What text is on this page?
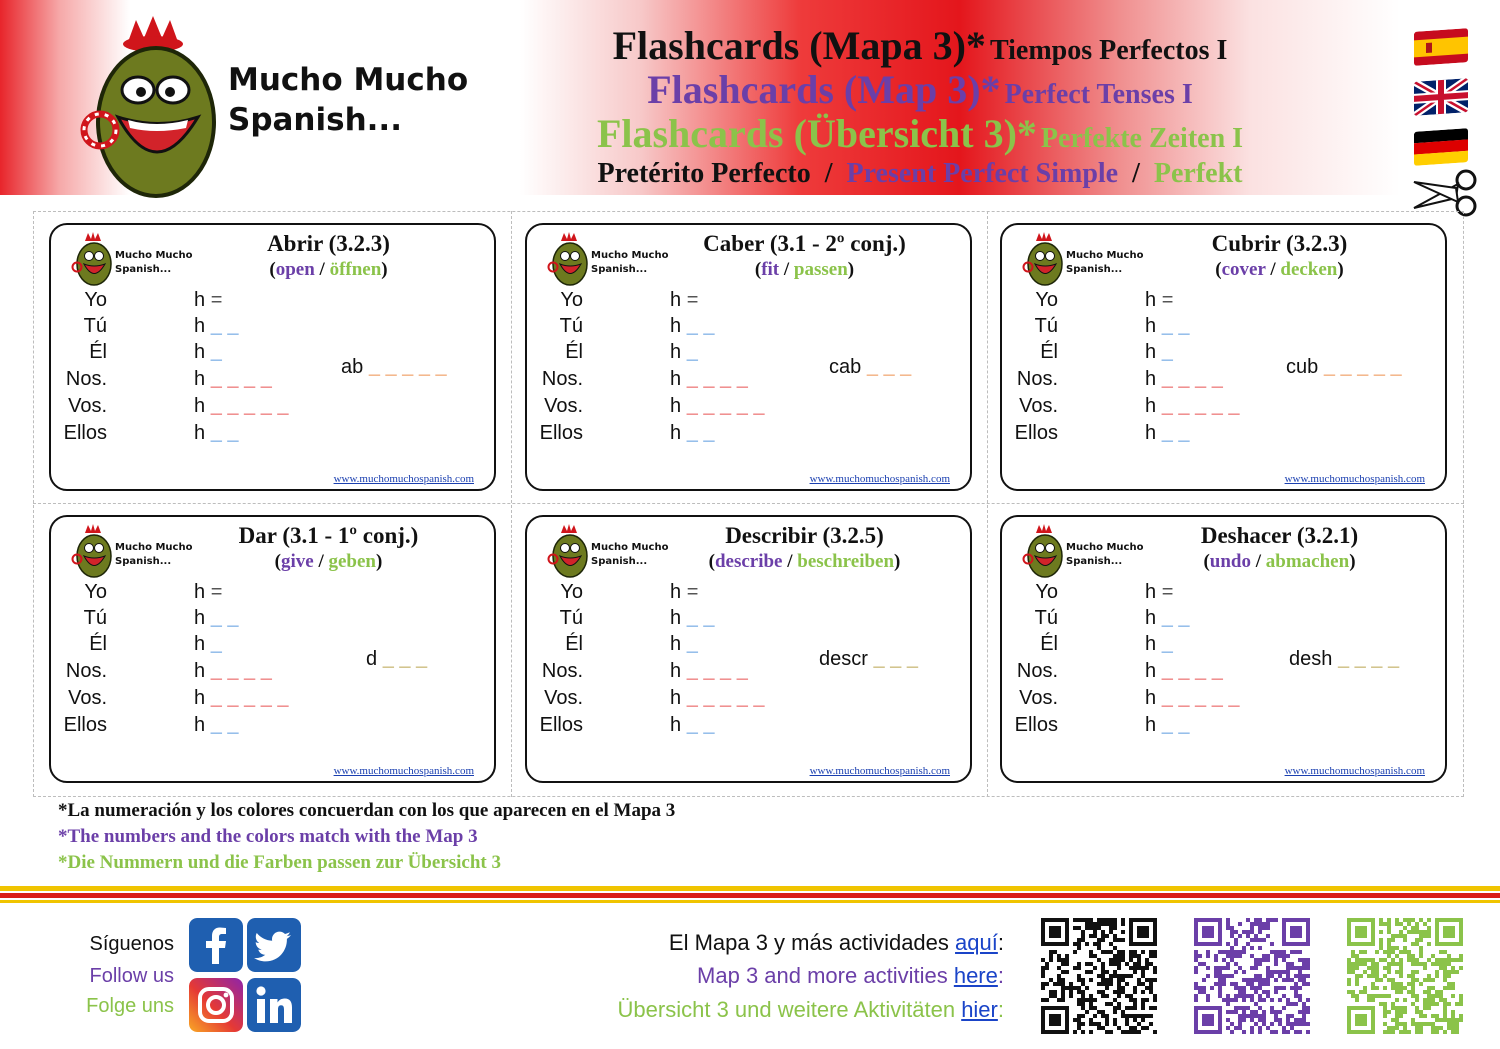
Mucho Mucho
Spanish...
Flashcards (Mapa 3)* Tiempos Perfectos I
Flashcards (Map 3)* Perfect Tenses I
Flashcards (Übersicht 3)* Perfekte Zeiten I
Pretérito Perfecto / Present Perfect Simple / Perfekt
Mucho Mucho
Spanish...
Abrir (3.2.3)
(open / öffnen)
Yo	h =
Tú	h _ _
Él	h _
Nos.	h _ _ _ _
Vos.	h _ _ _ _ _
Ellos	h _ _
ab _ _ _ _ _
www.muchomuchospanish.com
Mucho Mucho
Spanish...
Caber (3.1 - 2º conj.)
(fit / passen)
Yo	h =
Tú	h _ _
Él	h _
Nos.	h _ _ _ _
Vos.	h _ _ _ _ _
Ellos	h _ _
cab _ _ _
www.muchomuchospanish.com
Mucho Mucho
Spanish...
Cubrir (3.2.3)
(cover / decken)
Yo	h =
Tú	h _ _
Él	h _
Nos.	h _ _ _ _
Vos.	h _ _ _ _ _
Ellos	h _ _
cub _ _ _ _ _
www.muchomuchospanish.com
Mucho Mucho
Spanish...
Dar (3.1 - 1º conj.)
(give / geben)
Yo	h =
Tú	h _ _
Él	h _
Nos.	h _ _ _ _
Vos.	h _ _ _ _ _
Ellos	h _ _
d _ _ _
www.muchomuchospanish.com
Mucho Mucho
Spanish...
Describir (3.2.5)
(describe / beschreiben)
Yo	h =
Tú	h _ _
Él	h _
Nos.	h _ _ _ _
Vos.	h _ _ _ _ _
Ellos	h _ _
descr _ _ _
www.muchomuchospanish.com
Mucho Mucho
Spanish...
Deshacer (3.2.1)
(undo / abmachen)
Yo	h =
Tú	h _ _
Él	h _
Nos.	h _ _ _ _
Vos.	h _ _ _ _ _
Ellos	h _ _
desh _ _ _ _
www.muchomuchospanish.com
*La numeración y los colores concuerdan con los que aparecen en el Mapa 3
*The numbers and the colors match with the Map 3
*Die Nummern und die Farben passen zur Übersicht 3
Síguenos
Follow us
Folge uns
El Mapa 3 y más actividades aquí:
Map 3 and more activities here:
Übersicht 3 und weitere Aktivitäten hier:
